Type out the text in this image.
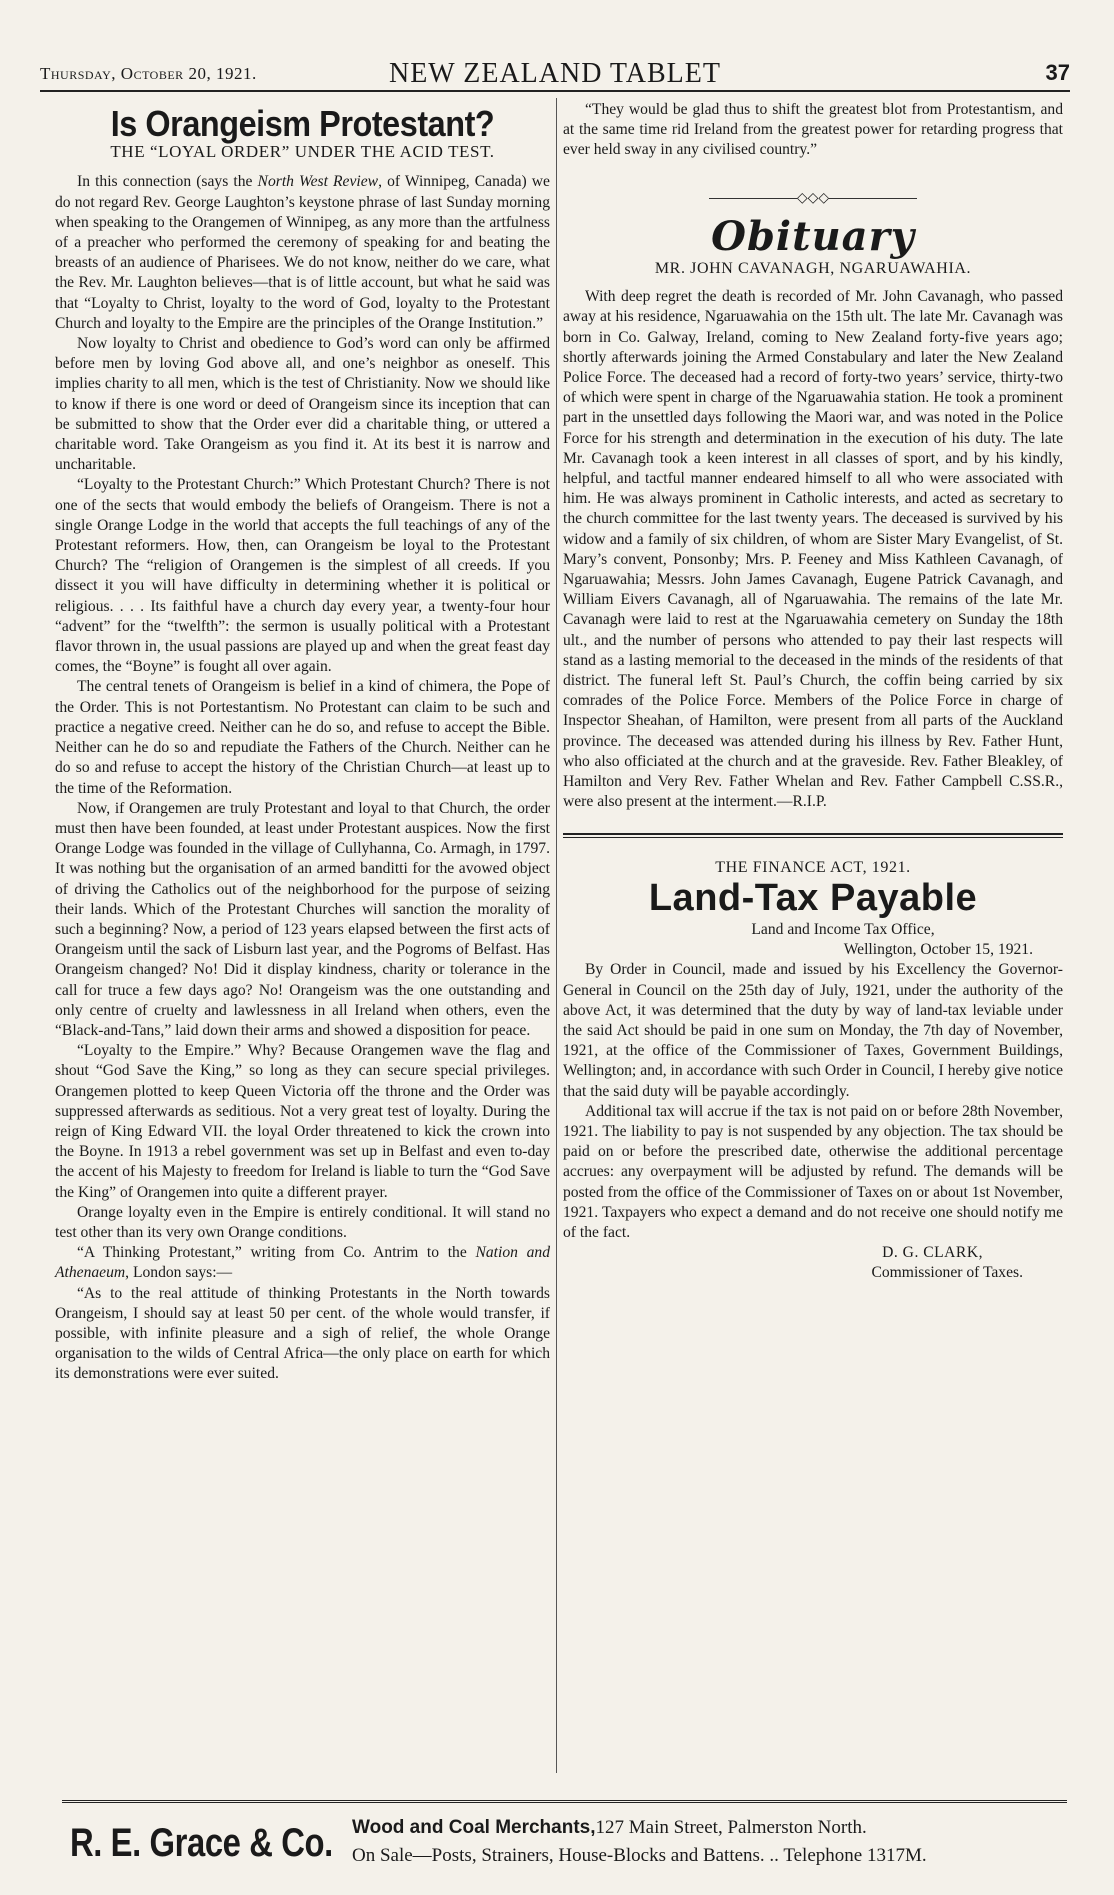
Thursday, October 20, 1921.	NEW ZEALAND TABLET	37
Is Orangeism Protestant?
THE “LOYAL ORDER” UNDER THE ACID TEST.

In this connection (says the North West Review, of Winnipeg, Canada) we do not regard Rev. George Laughton’s keystone phrase of last Sunday morning when speaking to the Orangemen of Winnipeg, as any more than the artfulness of a preacher who performed the ceremony of speaking for and beating the breasts of an audience of Pharisees. We do not know, neither do we care, what the Rev. Mr. Laughton believes—that is of little account, but what he said was that “Loyalty to Christ, loyalty to the word of God, loyalty to the Protestant Church and loyalty to the Empire are the principles of the Orange Institution.”

Now loyalty to Christ and obedience to God’s word can only be affirmed before men by loving God above all, and one’s neighbor as oneself. This implies charity to all men, which is the test of Christianity. Now we should like to know if there is one word or deed of Orangeism since its inception that can be submitted to show that the Order ever did a charitable thing, or uttered a charitable word. Take Orangeism as you find it. At its best it is narrow and uncharitable.

“Loyalty to the Protestant Church:” Which Protestant Church? There is not one of the sects that would embody the beliefs of Orangeism. There is not a single Orange Lodge in the world that accepts the full teachings of any of the Protestant reformers. How, then, can Orangeism be loyal to the Protestant Church? The “religion of Orangemen is the simplest of all creeds. If you dissect it you will have difficulty in determining whether it is political or religious. . . . Its faithful have a church day every year, a twenty-four hour “advent” for the “twelfth”: the sermon is usually political with a Protestant flavor thrown in, the usual passions are played up and when the great feast day comes, the “Boyne” is fought all over again.

The central tenets of Orangeism is belief in a kind of chimera, the Pope of the Order. This is not Portestantism. No Protestant can claim to be such and practice a negative creed. Neither can he do so, and refuse to accept the Bible. Neither can he do so and repudiate the Fathers of the Church. Neither can he do so and refuse to accept the history of the Christian Church—at least up to the time of the Reformation.

Now, if Orangemen are truly Protestant and loyal to that Church, the order must then have been founded, at least under Protestant auspices. Now the first Orange Lodge was founded in the village of Cullyhanna, Co. Armagh, in 1797. It was nothing but the organisation of an armed banditti for the avowed object of driving the Catholics out of the neighborhood for the purpose of seizing their lands. Which of the Protestant Churches will sanction the morality of such a beginning? Now, a period of 123 years elapsed between the first acts of Orangeism until the sack of Lisburn last year, and the Pogroms of Belfast. Has Orangeism changed? No! Did it display kindness, charity or tolerance in the call for truce a few days ago? No! Orangeism was the one outstanding and only centre of cruelty and lawlessness in all Ireland when others, even the “Black-and-Tans,” laid down their arms and showed a disposition for peace.

“Loyalty to the Empire.” Why? Because Orangemen wave the flag and shout “God Save the King,” so long as they can secure special privileges. Orangemen plotted to keep Queen Victoria off the throne and the Order was suppressed afterwards as seditious. Not a very great test of loyalty. During the reign of King Edward VII. the loyal Order threatened to kick the crown into the Boyne. In 1913 a rebel government was set up in Belfast and even to-day the accent of his Majesty to freedom for Ireland is liable to turn the “God Save the King” of Orangemen into quite a different prayer.

Orange loyalty even in the Empire is entirely conditional. It will stand no test other than its very own Orange conditions.

“A Thinking Protestant,” writing from Co. Antrim to the Nation and Athenaeum, London says:—

“As to the real attitude of thinking Protestants in the North towards Orangeism, I should say at least 50 per cent. of the whole would transfer, if possible, with infinite pleasure and a sigh of relief, the whole Orange organisation to the wilds of Central Africa—the only place on earth for which its demonstrations were ever suited.

“They would be glad thus to shift the greatest blot from Protestantism, and at the same time rid Ireland from the greatest power for retarding progress that ever held sway in any civilised country.”

◇◇◇
Obituary
MR. JOHN CAVANAGH, NGARUAWAHIA.

With deep regret the death is recorded of Mr. John Cavanagh, who passed away at his residence, Ngaruawahia on the 15th ult. The late Mr. Cavanagh was born in Co. Galway, Ireland, coming to New Zealand forty-five years ago; shortly afterwards joining the Armed Constabulary and later the New Zealand Police Force. The deceased had a record of forty-two years’ service, thirty-two of which were spent in charge of the Ngaruawahia station. He took a prominent part in the unsettled days following the Maori war, and was noted in the Police Force for his strength and determination in the execution of his duty. The late Mr. Cavanagh took a keen interest in all classes of sport, and by his kindly, helpful, and tactful manner endeared himself to all who were associated with him. He was always prominent in Catholic interests, and acted as secretary to the church committee for the last twenty years. The deceased is survived by his widow and a family of six children, of whom are Sister Mary Evangelist, of St. Mary’s convent, Ponsonby; Mrs. P. Feeney and Miss Kathleen Cavanagh, of Ngaruawahia; Messrs. John James Cavanagh, Eugene Patrick Cavanagh, and William Eivers Cavanagh, all of Ngaruawahia. The remains of the late Mr. Cavanagh were laid to rest at the Ngaruawahia cemetery on Sunday the 18th ult., and the number of persons who attended to pay their last respects will stand as a lasting memorial to the deceased in the minds of the residents of that district. The funeral left St. Paul’s Church, the coffin being carried by six comrades of the Police Force. Members of the Police Force in charge of Inspector Sheahan, of Hamilton, were present from all parts of the Auckland province. The deceased was attended during his illness by Rev. Father Hunt, who also officiated at the church and at the graveside. Rev. Father Bleakley, of Hamilton and Very Rev. Father Whelan and Rev. Father Campbell C.SS.R., were also present at the interment.—R.I.P.

THE FINANCE ACT, 1921.
Land-Tax Payable

Land and Income Tax Office,

Wellington, October 15, 1921.

By Order in Council, made and issued by his Excellency the Governor-General in Council on the 25th day of July, 1921, under the authority of the above Act, it was determined that the duty by way of land-tax leviable under the said Act should be paid in one sum on Monday, the 7th day of November, 1921, at the office of the Commissioner of Taxes, Government Buildings, Wellington; and, in accordance with such Order in Council, I hereby give notice that the said duty will be payable accordingly.

Additional tax will accrue if the tax is not paid on or before 28th November, 1921. The liability to pay is not suspended by any objection. The tax should be paid on or before the prescribed date, otherwise the additional percentage accrues: any overpayment will be adjusted by refund. The demands will be posted from the office of the Commissioner of Taxes on or about 1st November, 1921. Taxpayers who expect a demand and do not receive one should notify me of the fact.

D. G. CLARK,

Commissioner of Taxes.

R. E. Grace & Co. Wood and Coal Merchants,127 Main Street, Palmerston North.
On Sale—Posts, Strainers, House-Blocks and Battens. .. Telephone 1317M.
